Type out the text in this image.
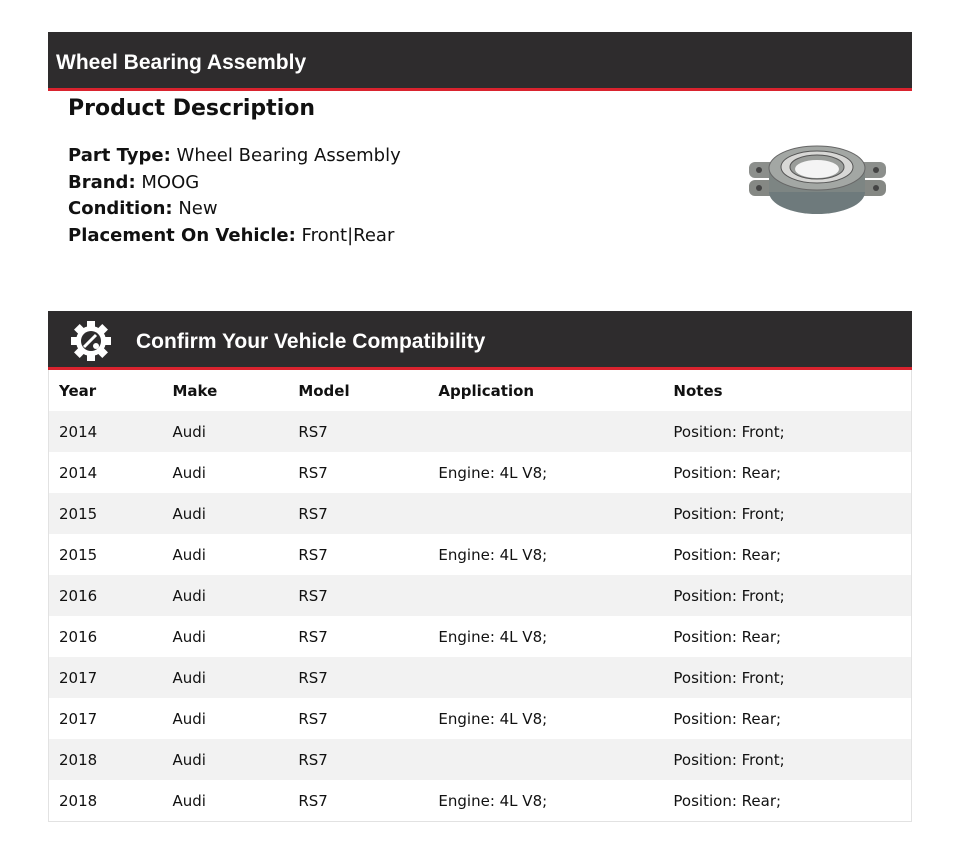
Wheel Bearing Assembly
Product Description
Part Type: Wheel Bearing Assembly
Brand: MOOG
Condition: New
Placement On Vehicle: Front|Rear
Confirm Your Vehicle Compatibility
Year	Make	Model	Application	Notes
2014	Audi	RS7		Position: Front;
2014	Audi	RS7	Engine: 4L V8;	Position: Rear;
2015	Audi	RS7		Position: Front;
2015	Audi	RS7	Engine: 4L V8;	Position: Rear;
2016	Audi	RS7		Position: Front;
2016	Audi	RS7	Engine: 4L V8;	Position: Rear;
2017	Audi	RS7		Position: Front;
2017	Audi	RS7	Engine: 4L V8;	Position: Rear;
2018	Audi	RS7		Position: Front;
2018	Audi	RS7	Engine: 4L V8;	Position: Rear;
